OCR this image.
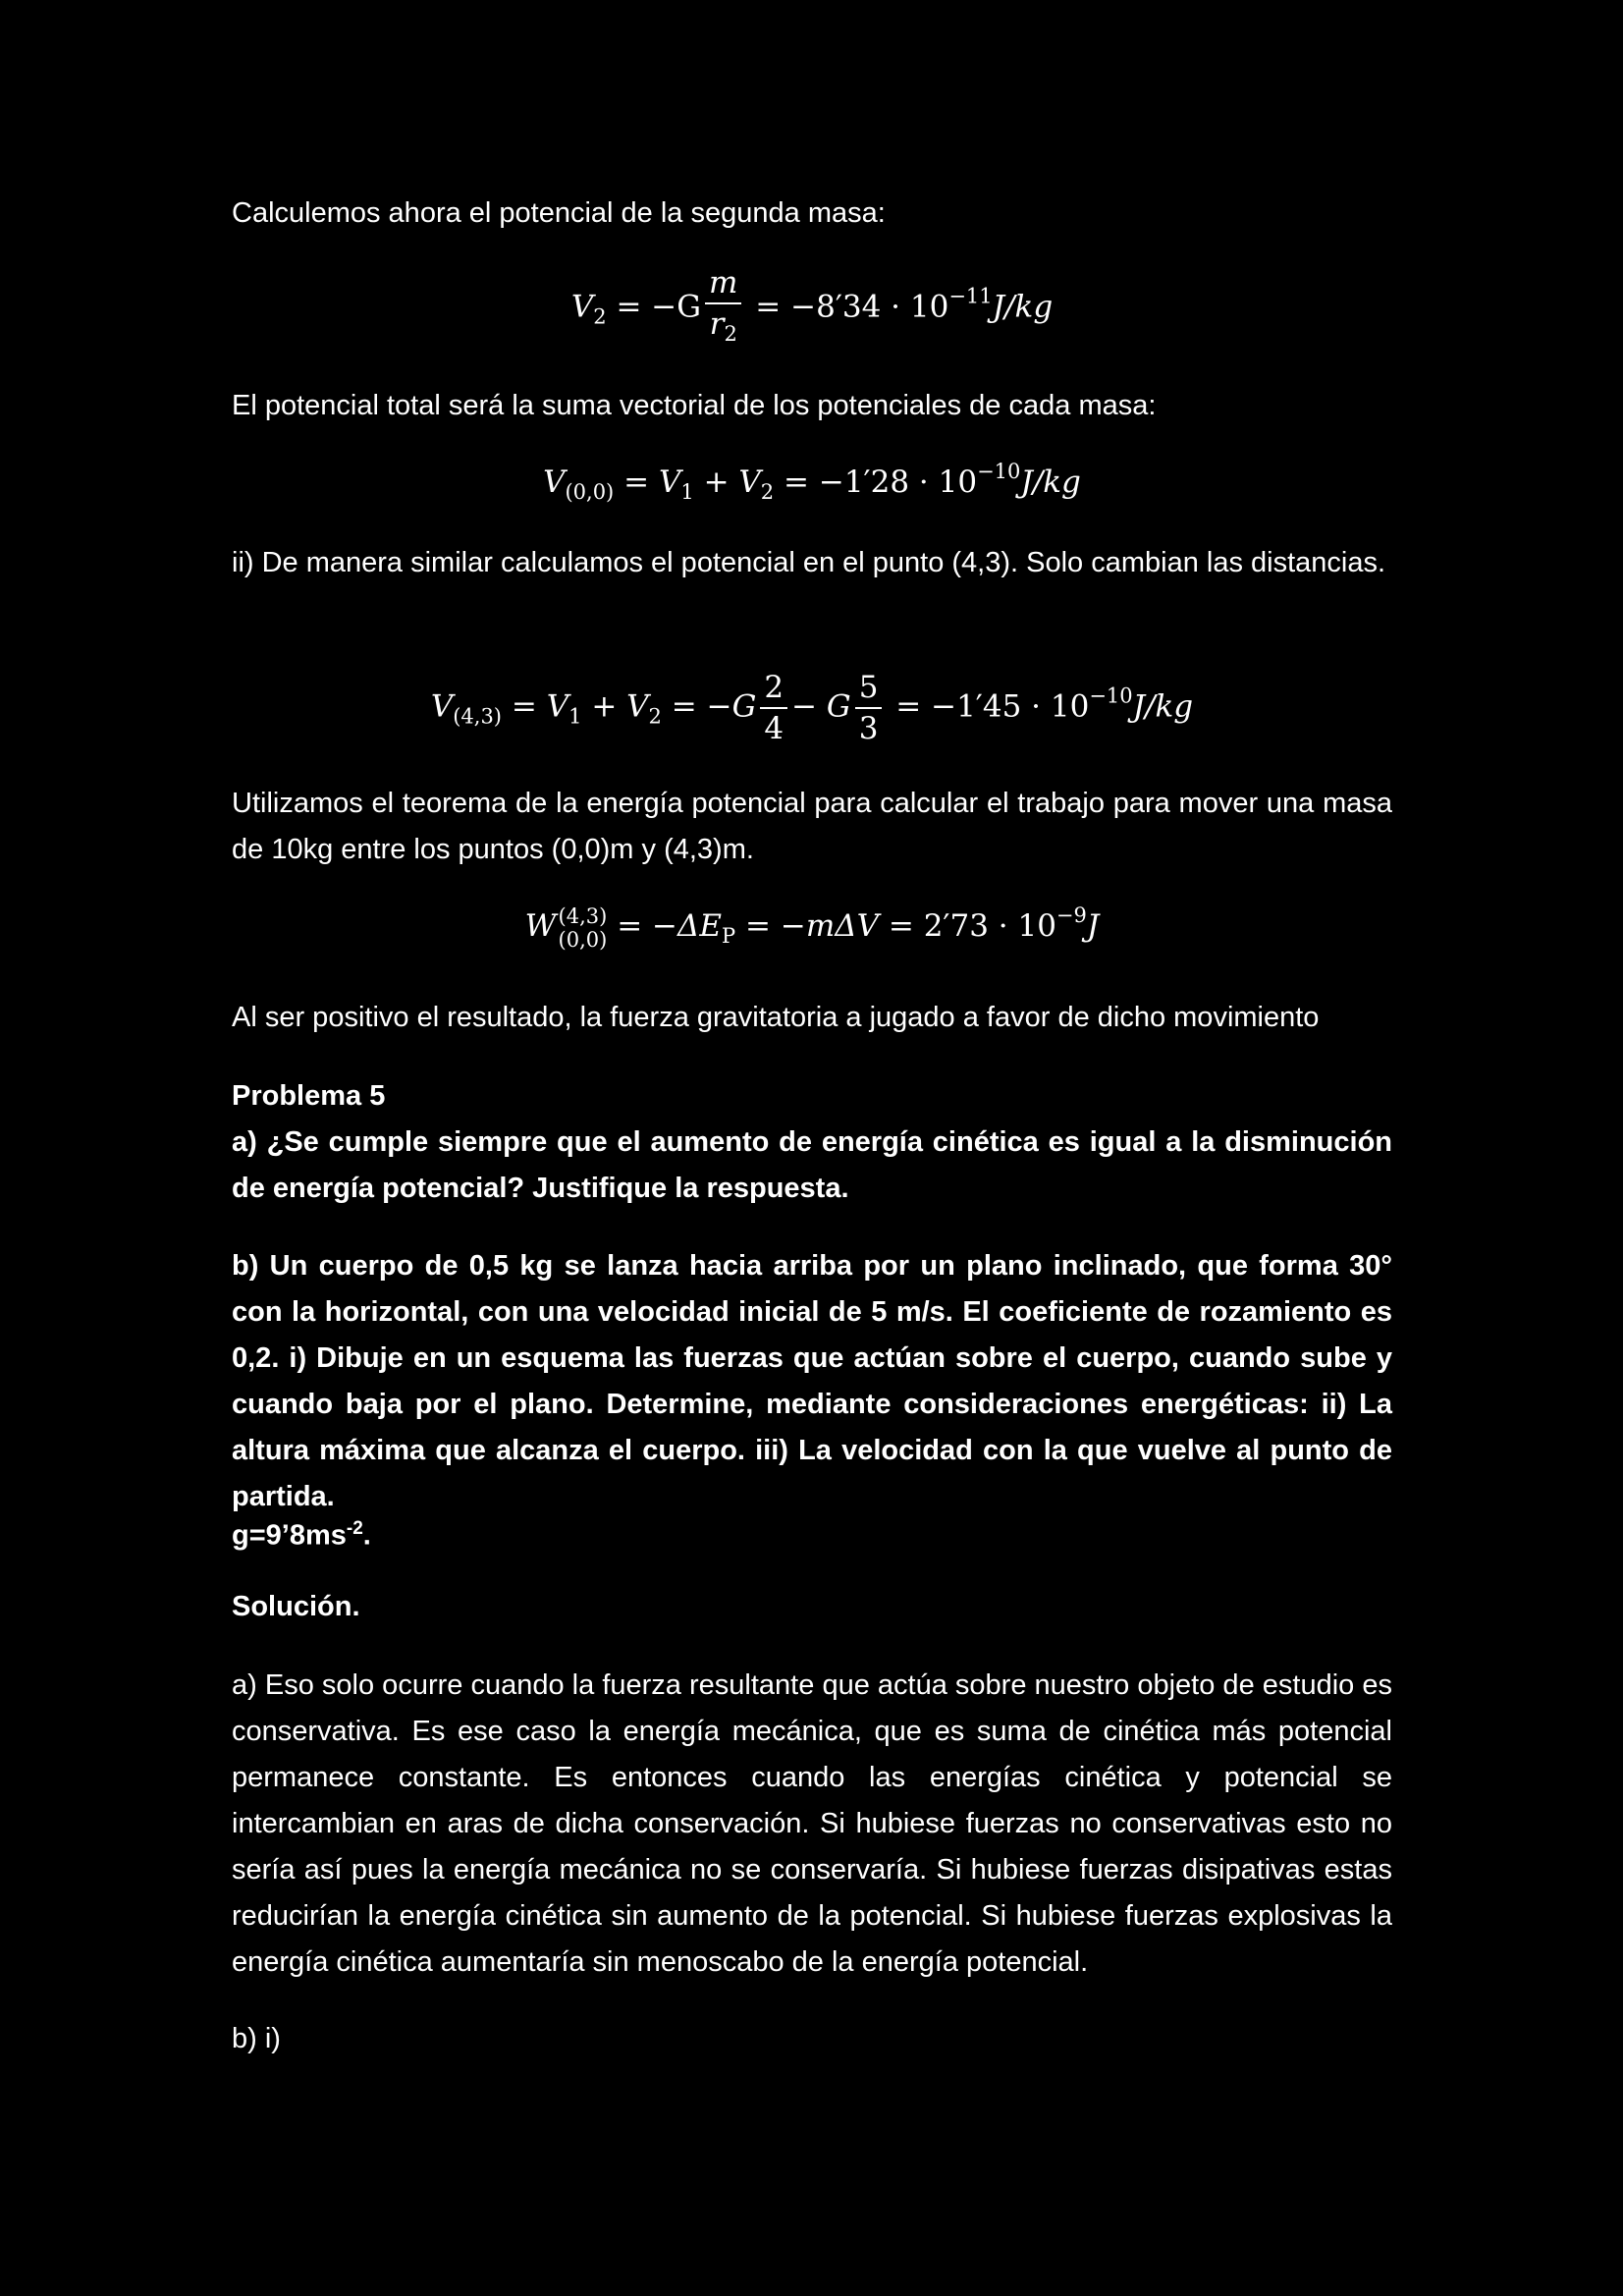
Calculemos ahora el potencial de la segunda masa:

$V_2 = -G \frac{m}{r_2} = -8'34 \cdot 10^{-11}J/kg$

El potencial total será la suma vectorial de los potenciales de cada masa:

$V_{(0,0)} = V_1 + V_2 = -1'28 \cdot 10^{-10}J/kg$

ii) De manera similar calculamos el potencial en el punto (4,3). Solo cambian las distancias.

$V_{(4,3)} = V_1 + V_2 = -G \frac{2}{4} - G \frac{5}{3} = -1'45 \cdot 10^{-10}J/kg$

Utilizamos el teorema de la energía potencial para calcular el trabajo para mover una masa de 10kg entre los puntos (0,0)m y (4,3)m.

W (4,3)
$(0,0) = -\Delta E_P = -m\Delta V = 2'73 \cdot 10^{-9}J$

Al ser positivo el resultado, la fuerza gravitatoria a jugado a favor de dicho movimiento

Problema 5

a) ¿Se cumple siempre que el aumento de energía cinética es igual a la disminución de energía potencial? Justifique la respuesta.

b) Un cuerpo de 0,5 kg se lanza hacia arriba por un plano inclinado, que forma 30° con la horizontal, con una velocidad inicial de 5 m/s. El coeficiente de rozamiento es 0,2. i) Dibuje en un esquema las fuerzas que actúan sobre el cuerpo, cuando sube y cuando baja por el plano. Determine, mediante consideraciones energéticas: ii) La altura máxima que alcanza el cuerpo. iii) La velocidad con la que vuelve al punto de partida.

$g=9’8ms^{-2}$.

Solución.

a) Eso solo ocurre cuando la fuerza resultante que actúa sobre nuestro objeto de estudio es conservativa. Es ese caso la energía mecánica, que es suma de cinética más potencial permanece constante. Es entonces cuando las energías cinética y potencial se intercambian en aras de dicha conservación. Si hubiese fuerzas no conservativas esto no sería así pues la energía mecánica no se conservaría. Si hubiese fuerzas disipativas estas reducirían la energía cinética sin aumento de la potencial. Si hubiese fuerzas explosivas la energía cinética aumentaría sin menoscabo de la energía potencial.

b) i)
